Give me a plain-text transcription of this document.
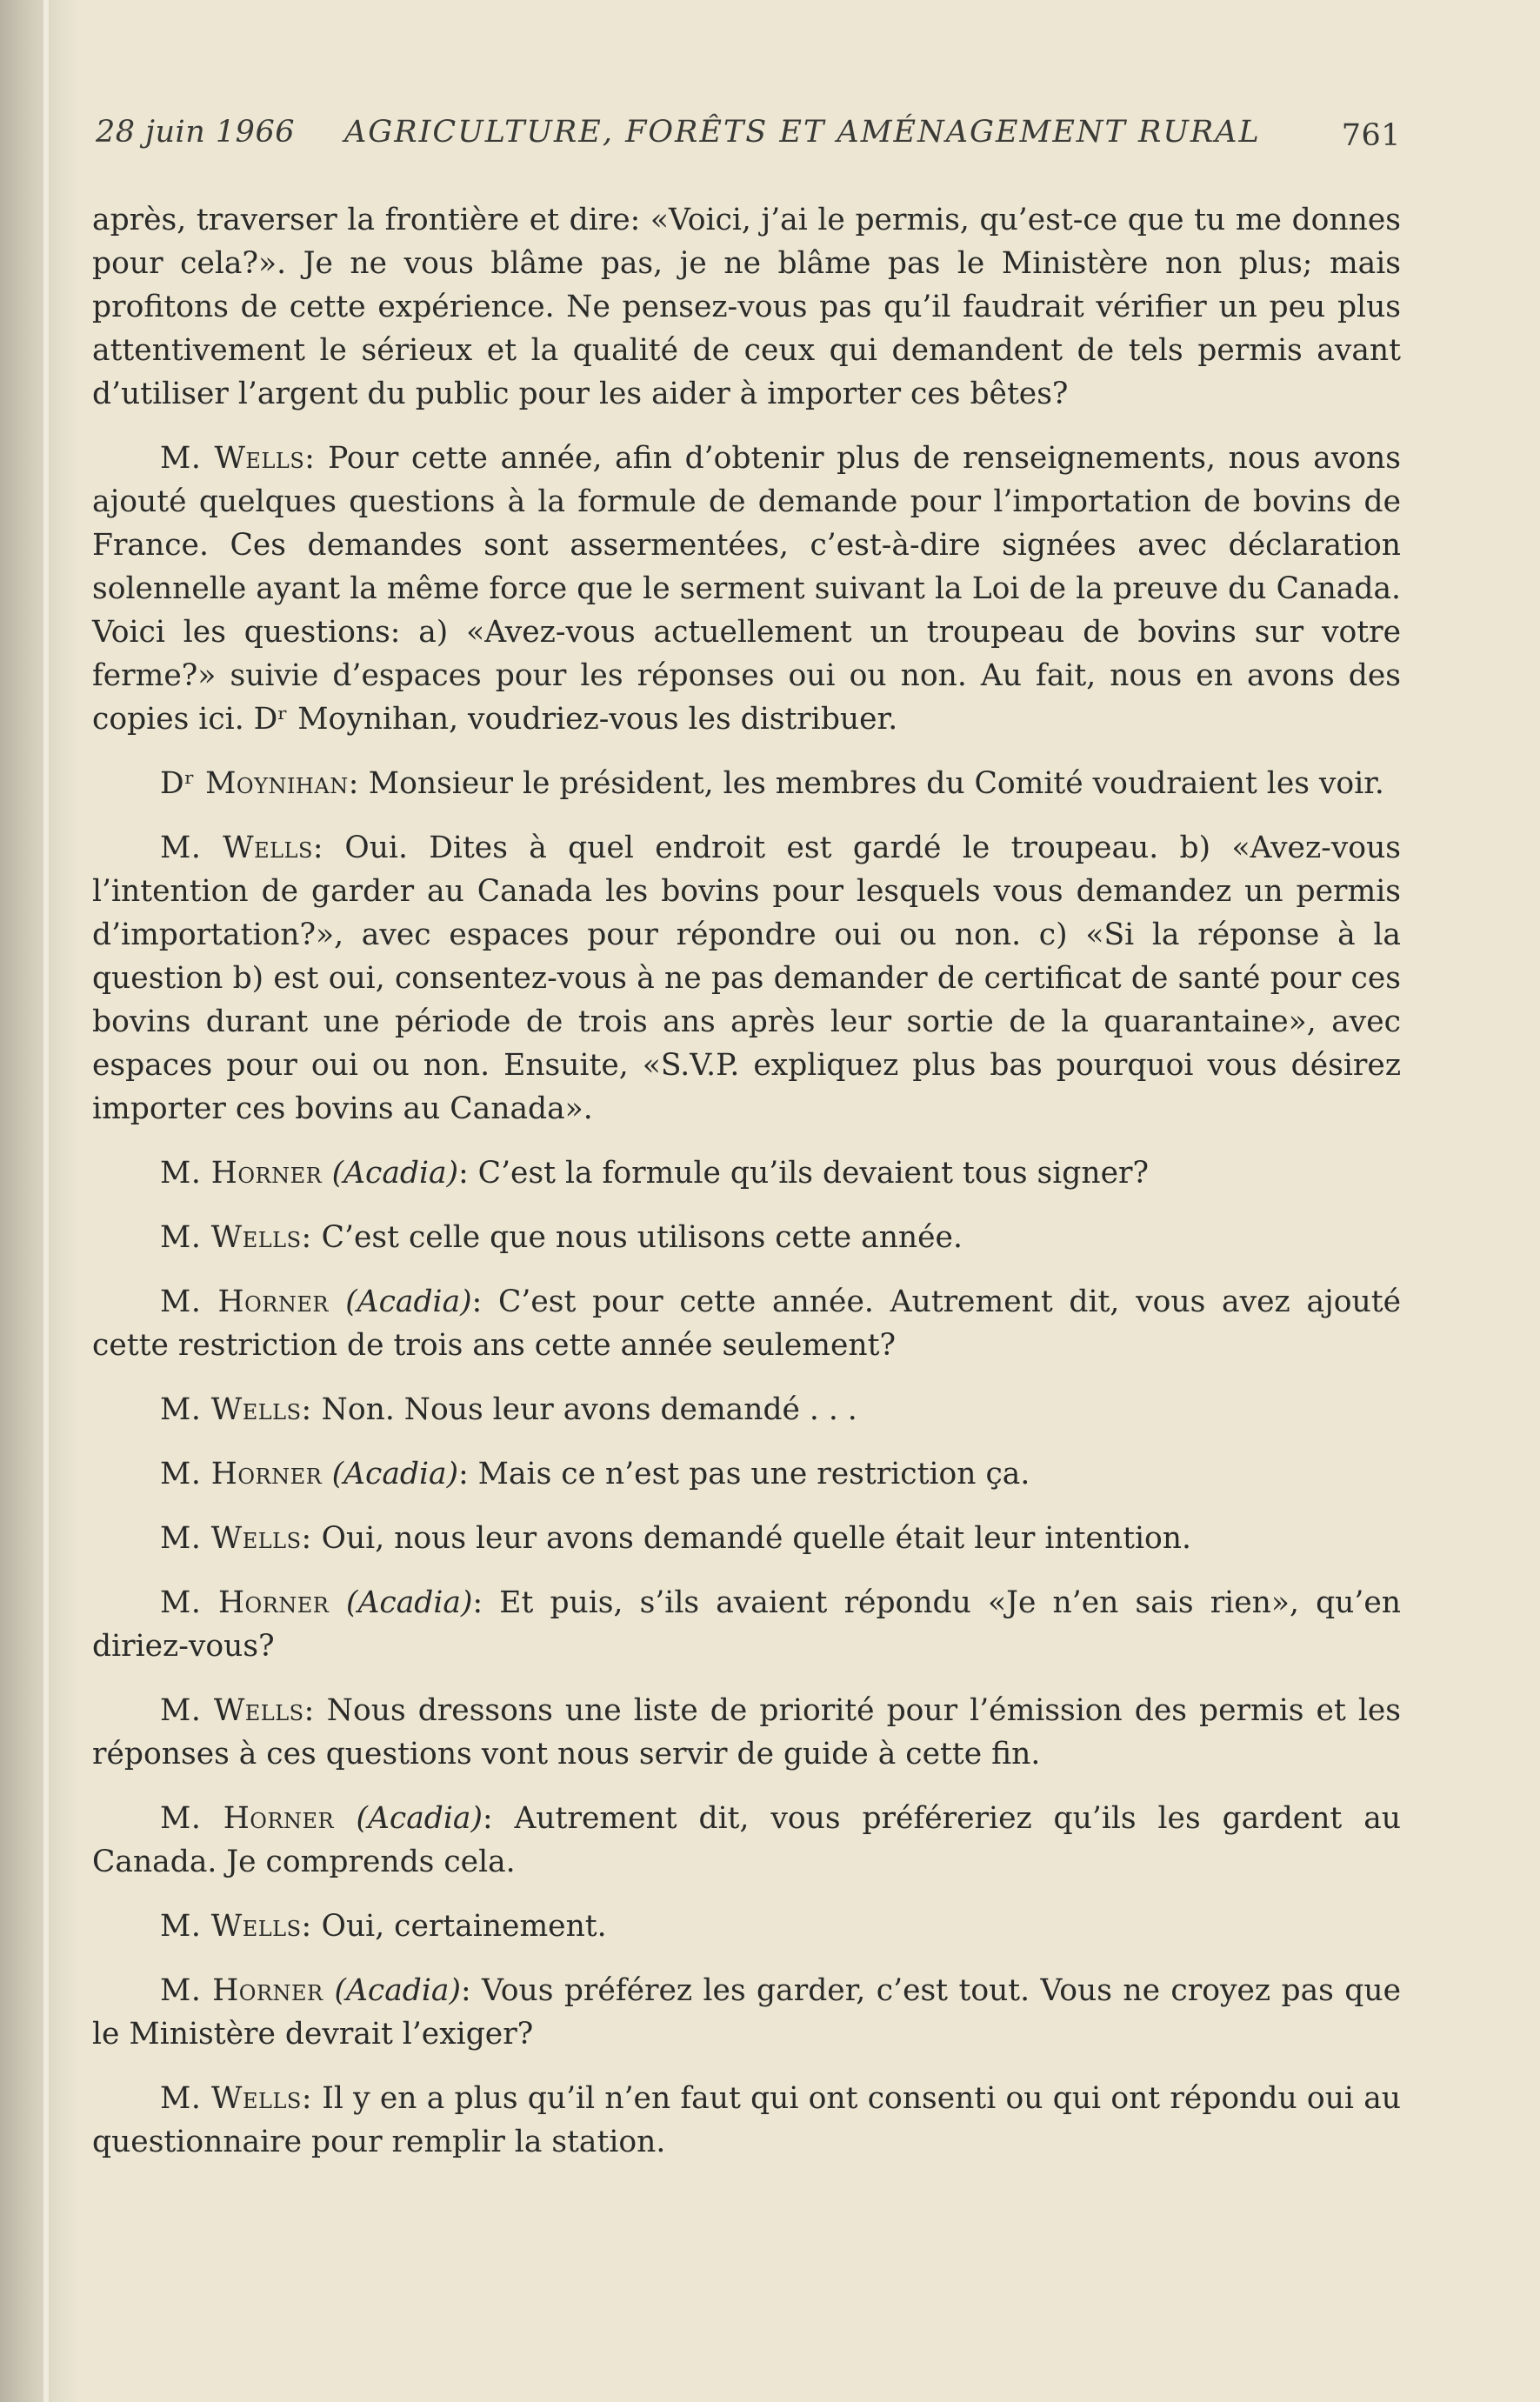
28 juin 1966 AGRICULTURE, FORÊTS ET AMÉNAGEMENT RURAL	761

après, traverser la frontière et dire: «Voici, j’ai le permis, qu’est-ce que tu me donnes pour cela?». Je ne vous blâme pas, je ne blâme pas le Ministère non plus; mais profitons de cette expérience. Ne pensez-vous pas qu’il faudrait vérifier un peu plus attentivement le sérieux et la qualité de ceux qui demandent de tels permis avant d’utiliser l’argent du public pour les aider à importer ces bêtes?

M. Wells: Pour cette année, afin d’obtenir plus de renseignements, nous avons ajouté quelques questions à la formule de demande pour l’importation de bovins de France. Ces demandes sont assermentées, c’est-à-dire signées avec déclaration solennelle ayant la même force que le serment suivant la Loi de la preuve du Canada. Voici les questions: a) «Avez-vous actuellement un troupeau de bovins sur votre ferme?» suivie d’espaces pour les réponses oui ou non. Au fait, nous en avons des copies ici. Dʳ Moynihan, voudriez-vous les distribuer.

Dʳ Moynihan: Monsieur le président, les membres du Comité voudraient les voir.

M. Wells: Oui. Dites à quel endroit est gardé le troupeau. b) «Avez-vous l’intention de garder au Canada les bovins pour lesquels vous demandez un permis d’importation?», avec espaces pour répondre oui ou non. c) «Si la réponse à la question b) est oui, consentez-vous à ne pas demander de certificat de santé pour ces bovins durant une période de trois ans après leur sortie de la quarantaine», avec espaces pour oui ou non. Ensuite, «S.V.P. expliquez plus bas pourquoi vous désirez importer ces bovins au Canada».

M. Horner (Acadia): C’est la formule qu’ils devaient tous signer?

M. Wells: C’est celle que nous utilisons cette année.

M. Horner (Acadia): C’est pour cette année. Autrement dit, vous avez ajouté cette restriction de trois ans cette année seulement?

M. Wells: Non. Nous leur avons demandé . . .

M. Horner (Acadia): Mais ce n’est pas une restriction ça.

M. Wells: Oui, nous leur avons demandé quelle était leur intention.

M. Horner (Acadia): Et puis, s’ils avaient répondu «Je n’en sais rien», qu’en diriez-vous?

M. Wells: Nous dressons une liste de priorité pour l’émission des permis et les réponses à ces questions vont nous servir de guide à cette fin.

M. Horner (Acadia): Autrement dit, vous préféreriez qu’ils les gardent au Canada. Je comprends cela.

M. Wells: Oui, certainement.

M. Horner (Acadia): Vous préférez les garder, c’est tout. Vous ne croyez pas que le Ministère devrait l’exiger?

M. Wells: Il y en a plus qu’il n’en faut qui ont consenti ou qui ont répondu oui au questionnaire pour remplir la station.
